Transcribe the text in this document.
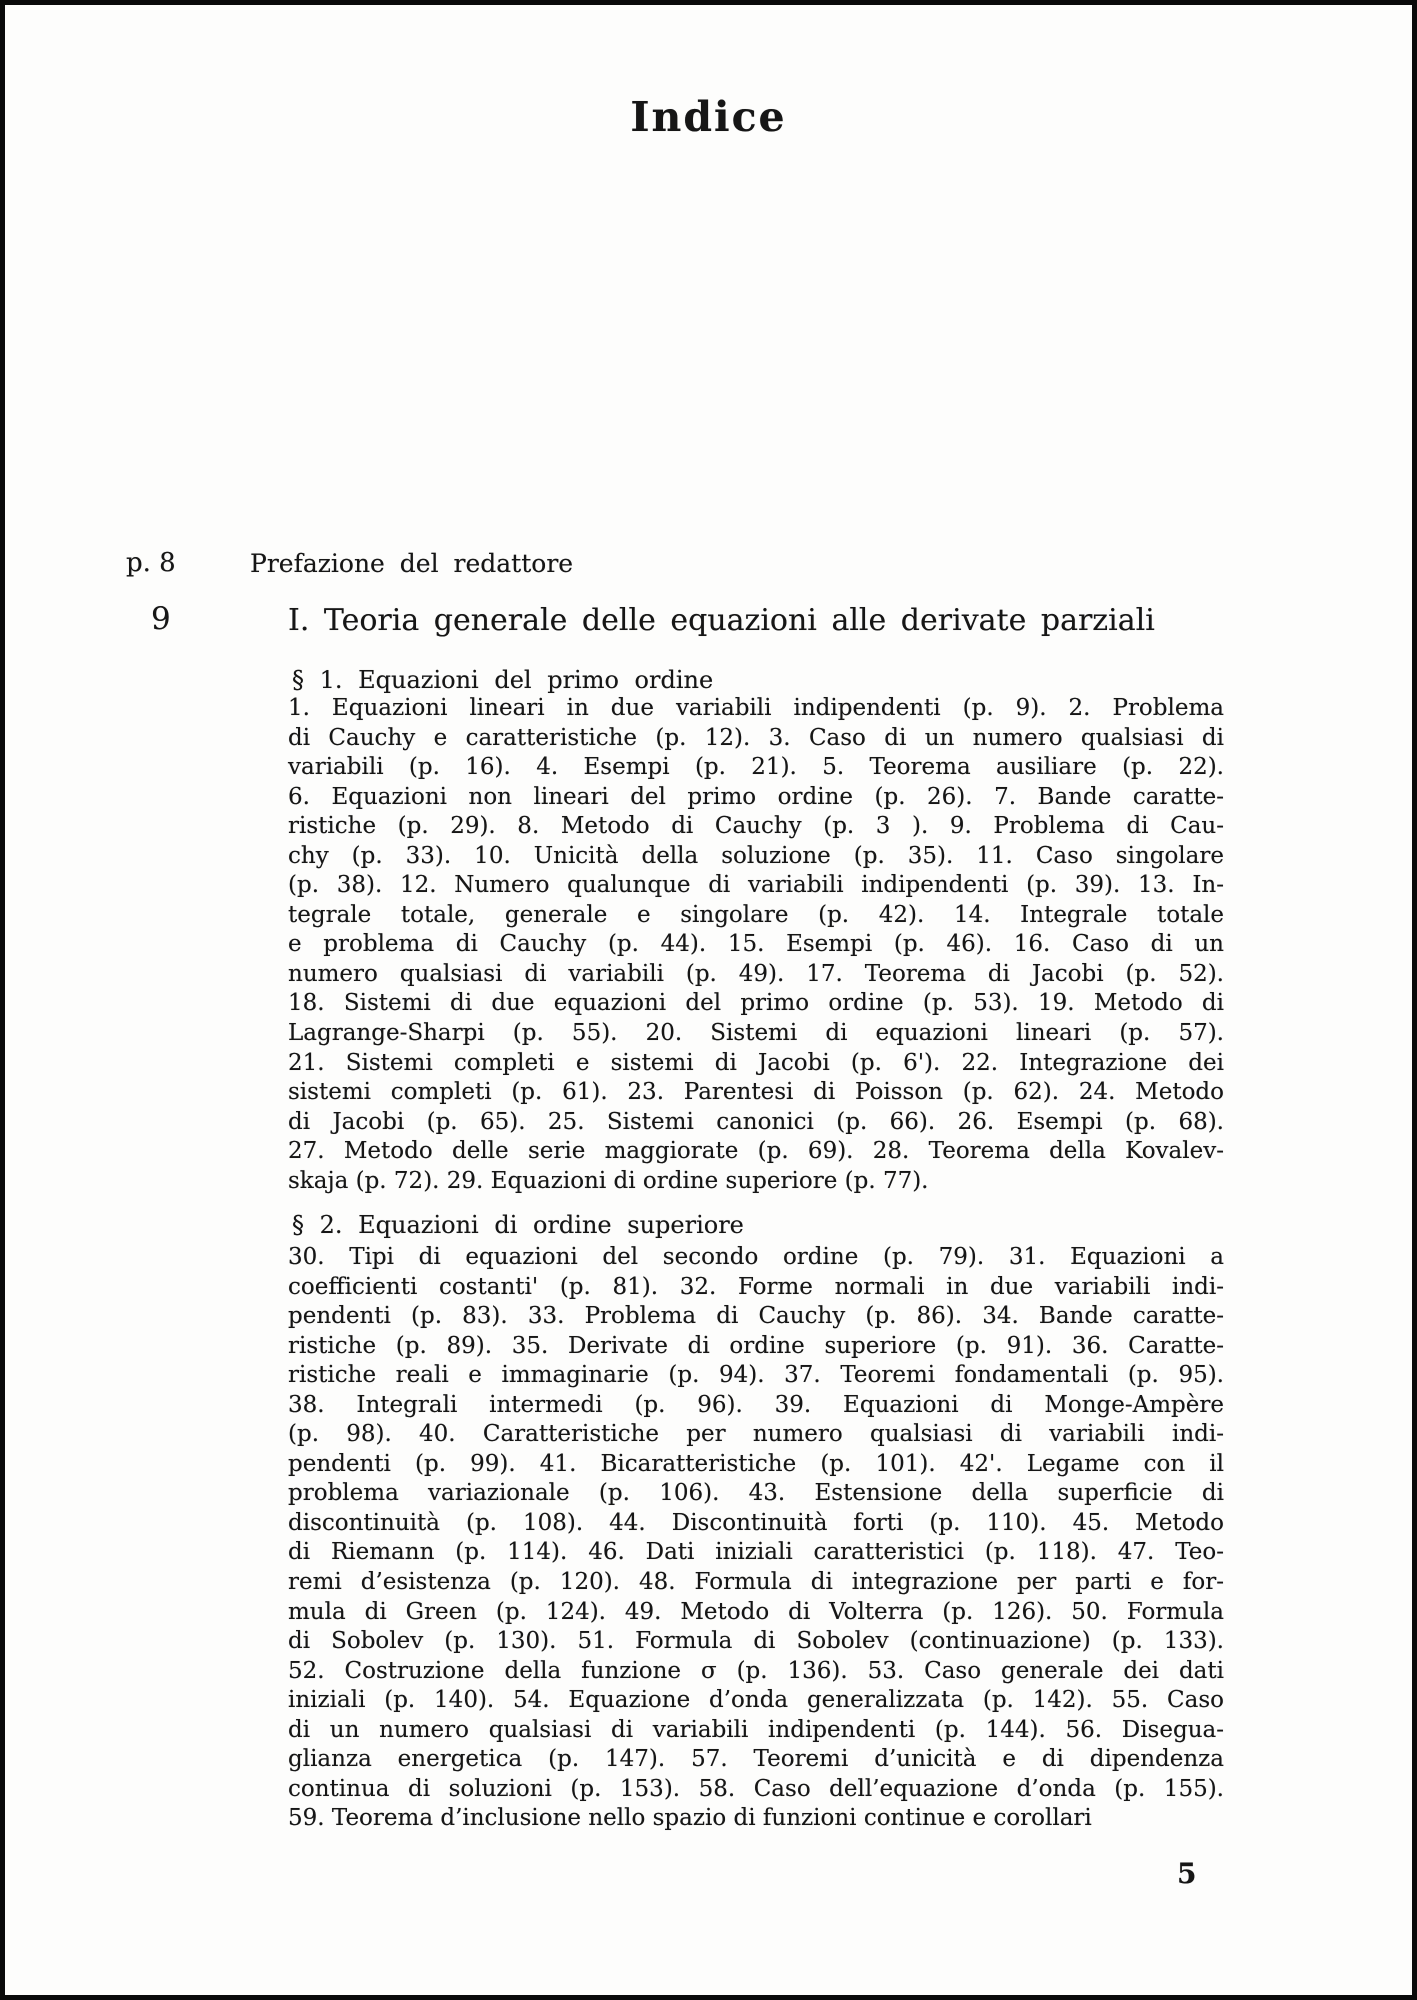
Indice
p. 8	Prefazione del redattore
9	I. Teoria generale delle equazioni alle derivate parziali
§ 1. Equazioni del primo ordine
1. Equazioni lineari in due variabili indipendenti (p. 9). 2. Problema
di Cauchy e caratteristiche (p. 12). 3. Caso di un numero qualsiasi di
variabili (p. 16). 4. Esempi (p. 21). 5. Teorema ausiliare (p. 22).
6. Equazioni non lineari del primo ordine (p. 26). 7. Bande caratte-
ristiche (p. 29). 8. Metodo di Cauchy (p. 3 ). 9. Problema di Cau-
chy (p. 33). 10. Unicità della soluzione (p. 35). 11. Caso singolare
(p. 38). 12. Numero qualunque di variabili indipendenti (p. 39). 13. In-
tegrale totale, generale e singolare (p. 42). 14. Integrale totale
e problema di Cauchy (p. 44). 15. Esempi (p. 46). 16. Caso di un
numero qualsiasi di variabili (p. 49). 17. Teorema di Jacobi (p. 52).
18. Sistemi di due equazioni del primo ordine (p. 53). 19. Metodo di
Lagrange-Sharpi (p. 55). 20. Sistemi di equazioni lineari (p. 57).
21. Sistemi completi e sistemi di Jacobi (p. 6'). 22. Integrazione dei
sistemi completi (p. 61). 23. Parentesi di Poisson (p. 62). 24. Metodo
di Jacobi (p. 65). 25. Sistemi canonici (p. 66). 26. Esempi (p. 68).
27. Metodo delle serie maggiorate (p. 69). 28. Teorema della Kovalev-
skaja (p. 72). 29. Equazioni di ordine superiore (p. 77).
§ 2. Equazioni di ordine superiore
30. Tipi di equazioni del secondo ordine (p. 79). 31. Equazioni a
coefficienti costanti' (p. 81). 32. Forme normali in due variabili indi-
pendenti (p. 83). 33. Problema di Cauchy (p. 86). 34. Bande caratte-
ristiche (p. 89). 35. Derivate di ordine superiore (p. 91). 36. Caratte-
ristiche reali e immaginarie (p. 94). 37. Teoremi fondamentali (p. 95).
38. Integrali intermedi (p. 96). 39. Equazioni di Monge-Ampère
(p. 98). 40. Caratteristiche per numero qualsiasi di variabili indi-
pendenti (p. 99). 41. Bicaratteristiche (p. 101). 42'. Legame con il
problema variazionale (p. 106). 43. Estensione della superficie di
discontinuità (p. 108). 44. Discontinuità forti (p. 110). 45. Metodo
di Riemann (p. 114). 46. Dati iniziali caratteristici (p. 118). 47. Teo-
remi d’esistenza (p. 120). 48. Formula di integrazione per parti e for-
mula di Green (p. 124). 49. Metodo di Volterra (p. 126). 50. Formula
di Sobolev (p. 130). 51. Formula di Sobolev (continuazione) (p. 133).
52. Costruzione della funzione σ (p. 136). 53. Caso generale dei dati
iniziali (p. 140). 54. Equazione d’onda generalizzata (p. 142). 55. Caso
di un numero qualsiasi di variabili indipendenti (p. 144). 56. Disegua-
glianza energetica (p. 147). 57. Teoremi d’unicità e di dipendenza
continua di soluzioni (p. 153). 58. Caso dell’equazione d’onda (p. 155).
59. Teorema d’inclusione nello spazio di funzioni continue e corollari
5
